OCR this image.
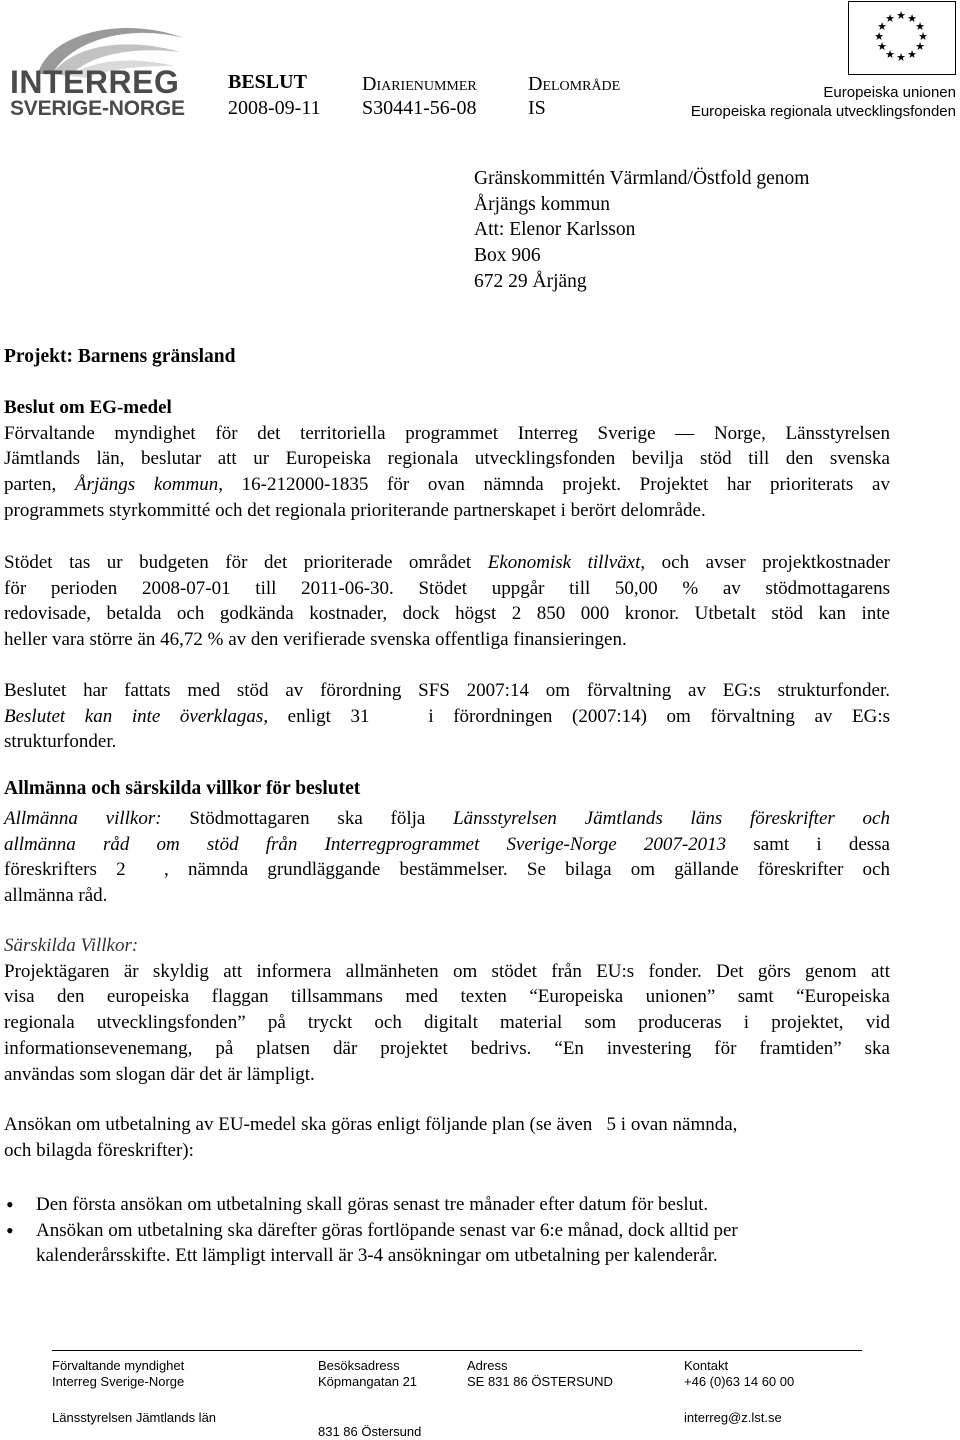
INTERREG
SVERIGE-NORGE
BESLUT
2008-09-11
Diarienummer
S30441-56-08
Delområde
IS
★ ★
★
★
★
★
★
★
★
★
★
★
Europeiska unionen
Europeiska regionala utvecklingsfonden
Gränskommittén Värmland/Östfold genom
Årjängs kommun
Att: Elenor Karlsson
Box 906
672 29 Årjäng
Projekt: Barnens gränsland
Beslut om EG-medel
Förvaltande myndighet för det territoriella programmet Interreg Sverige — Norge, Länsstyrelsen
Jämtlands län, beslutar att ur Europeiska regionala utvecklingsfonden bevilja stöd till den svenska
parten, Årjängs kommun, 16-212000-1835 för ovan nämnda projekt. Projektet har prioriterats av
programmets styrkommitté och det regionala prioriterande partnerskapet i berört delområde.
Stödet tas ur budgeten för det prioriterade området Ekonomisk tillväxt, och avser projektkostnader
för perioden 2008-07-01 till 2011-06-30. Stödet uppgår till 50,00 % av stödmottagarens
redovisade, betalda och godkända kostnader, dock högst 2 850 000 kronor. Utbetalt stöd kan inte
heller vara större än 46,72 % av den verifierade svenska offentliga finansieringen.
Beslutet har fattats med stöd av förordning SFS 2007:14 om förvaltning av EG:s strukturfonder.
Beslutet kan inte överklagas, enligt 31   i förordningen (2007:14) om förvaltning av EG:s
strukturfonder.
Allmänna och särskilda villkor för beslutet
Allmänna villkor: Stödmottagaren ska följa Länsstyrelsen Jämtlands läns föreskrifter och
allmänna råd om stöd från Interregprogrammet Sverige-Norge 2007-2013 samt i dessa
föreskrifters 2  , nämnda grundläggande bestämmelser. Se bilaga om gällande föreskrifter och
allmänna råd.
Särskilda Villkor:
Projektägaren är skyldig att informera allmänheten om stödet från EU:s fonder. Det görs genom att
visa den europeiska flaggan tillsammans med texten “Europeiska unionen” samt “Europeiska
regionala utvecklingsfonden” på tryckt och digitalt material som produceras i projektet, vid
informationsevenemang, på platsen där projektet bedrivs. “En investering för framtiden” ska
användas som slogan där det är lämpligt.
Ansökan om utbetalning av EU-medel ska göras enligt följande plan (se även   5 i ovan nämnda,
och bilagda föreskrifter):
• Den första ansökan om utbetalning skall göras senast tre månader efter datum för beslut.
• Ansökan om utbetalning ska därefter göras fortlöpande senast var 6:e månad, dock alltid per
kalenderårsskifte. Ett lämpligt intervall är 3-4 ansökningar om utbetalning per kalenderår.
Förvaltande myndighet
Interreg Sverige-Norge
Länsstyrelsen Jämtlands län
Besöksadress
Köpmangatan 21
831 86 Östersund
Adress
SE 831 86 ÖSTERSUND
Kontakt
+46 (0)63 14 60 00
interreg@z.lst.se
